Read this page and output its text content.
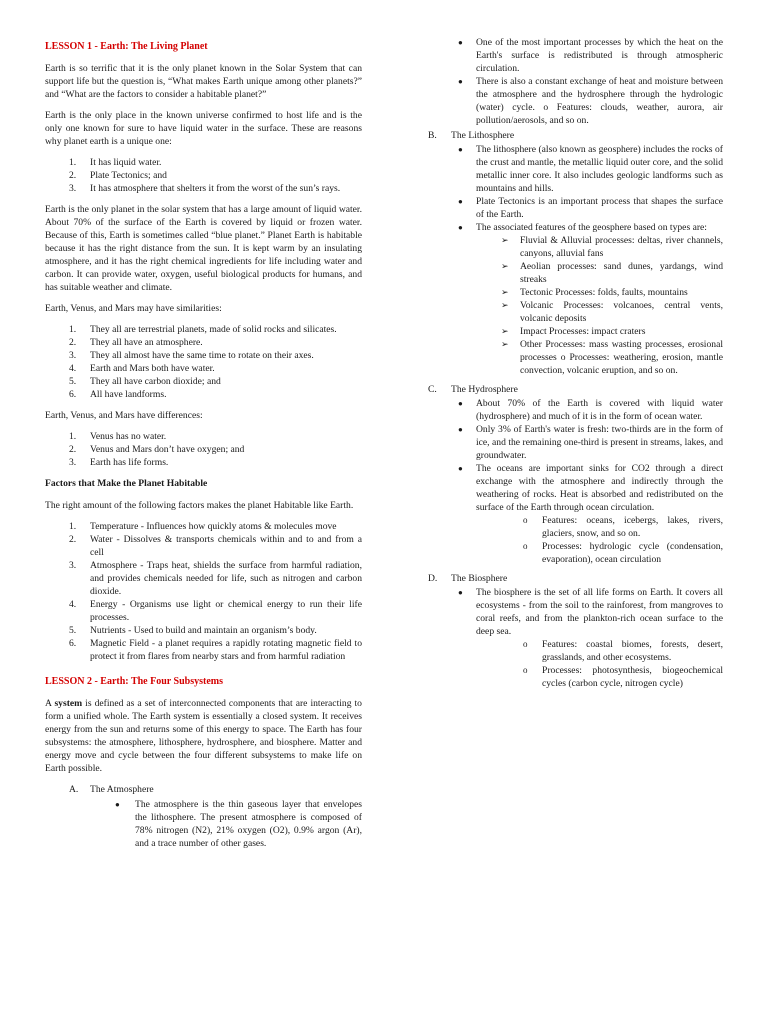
LESSON 1 - Earth: The Living Planet

Earth is so terrific that it is the only planet known in the Solar System that can support life but the question is, “What makes Earth unique among other planets?” and “What are the factors to consider a habitable planet?”

Earth is the only place in the known universe confirmed to host life and is the only one known for sure to have liquid water in the surface. These are reasons why planet earth is a unique one:

1. It has liquid water.
2. Plate Tectonics; and
3. It has atmosphere that shelters it from the worst of the sun’s rays.

Earth is the only planet in the solar system that has a large amount of liquid water. About 70% of the surface of the Earth is covered by liquid or frozen water. Because of this, Earth is sometimes called “blue planet.” Planet Earth is habitable because it has the right distance from the sun. It is kept warm by an insulating atmosphere, and it has the right chemical ingredients for life including water and carbon. It can provide water, oxygen, useful biological products for humans, and has suitable weather and climate.

Earth, Venus, and Mars may have similarities:

1. They all are terrestrial planets, made of solid rocks and silicates.
2. They all have an atmosphere.
3. They all almost have the same time to rotate on their axes.
4. Earth and Mars both have water.
5. They all have carbon dioxide; and
6. All have landforms.

Earth, Venus, and Mars have differences:

1. Venus has no water.
2. Venus and Mars don’t have oxygen; and
3. Earth has life forms.
Factors that Make the Planet Habitable

The right amount of the following factors makes the planet Habitable like Earth.

1. Temperature - Influences how quickly atoms & molecules move
2. Water - Dissolves & transports chemicals within and to and from a cell
3. Atmosphere - Traps heat, shields the surface from harmful radiation, and provides chemicals needed for life, such as nitrogen and carbon dioxide.
4. Energy - Organisms use light or chemical energy to run their life processes.
5. Nutrients - Used to build and maintain an organism’s body.
6. Magnetic Field - a planet requires a rapidly rotating magnetic field to protect it from flares from nearby stars and from harmful radiation
LESSON 2 - Earth: The Four Subsystems

A system is defined as a set of interconnected components that are interacting to form a unified whole. The Earth system is essentially a closed system. It receives energy from the sun and returns some of this energy to space. The Earth has four subsystems: the atmosphere, lithosphere, hydrosphere, and biosphere. Matter and energy move and cycle between the four different subsystems to make life on Earth possible.

A. The Atmosphere
●	The atmosphere is the thin gaseous layer that envelopes the lithosphere. The present atmosphere is composed of 78% nitrogen (N2), 21% oxygen (O2), 0.9% argon (Ar), and a trace number of other gases.
● One of the most important processes by which the heat on the Earth's surface is redistributed is through atmospheric circulation.
● There is also a constant exchange of heat and moisture between the atmosphere and the hydrosphere through the hydrologic (water) cycle. o Features: clouds, weather, aurora, air pollution/aerosols, and so on.
B. The Lithosphere
● The lithosphere (also known as geosphere) includes the rocks of the crust and mantle, the metallic liquid outer core, and the solid metallic inner core. It also includes geologic landforms such as mountains and hills.
● Plate Tectonics is an important process that shapes the surface of the Earth.
● The associated features of the geosphere based on types are:
➢ Fluvial & Alluvial processes: deltas, river channels, canyons, alluvial fans
➢ Aeolian processes: sand dunes, yardangs, wind streaks
➢ Tectonic Processes: folds, faults, mountains
➢ Volcanic Processes: volcanoes, central vents, volcanic deposits
➢ Impact Processes: impact craters
➢ Other Processes: mass wasting processes, erosional processes o Processes: weathering, erosion, mantle convection, volcanic eruption, and so on.
C. The Hydrosphere
● About 70% of the Earth is covered with liquid water (hydrosphere) and much of it is in the form of ocean water.
● Only 3% of Earth's water is fresh: two-thirds are in the form of ice, and the remaining one-third is present in streams, lakes, and groundwater.
● The oceans are important sinks for CO2 through a direct exchange with the atmosphere and indirectly through the weathering of rocks. Heat is absorbed and redistributed on the surface of the Earth through ocean circulation.
o Features: oceans, icebergs, lakes, rivers, glaciers, snow, and so on.
o Processes: hydrologic cycle (condensation, evaporation), ocean circulation
D. The Biosphere
● The biosphere is the set of all life forms on Earth. It covers all ecosystems - from the soil to the rainforest, from mangroves to coral reefs, and from the plankton-rich ocean surface to the deep sea.
o Features: coastal biomes, forests, desert, grasslands, and other ecosystems.
o Processes: photosynthesis, biogeochemical cycles (carbon cycle, nitrogen cycle)
